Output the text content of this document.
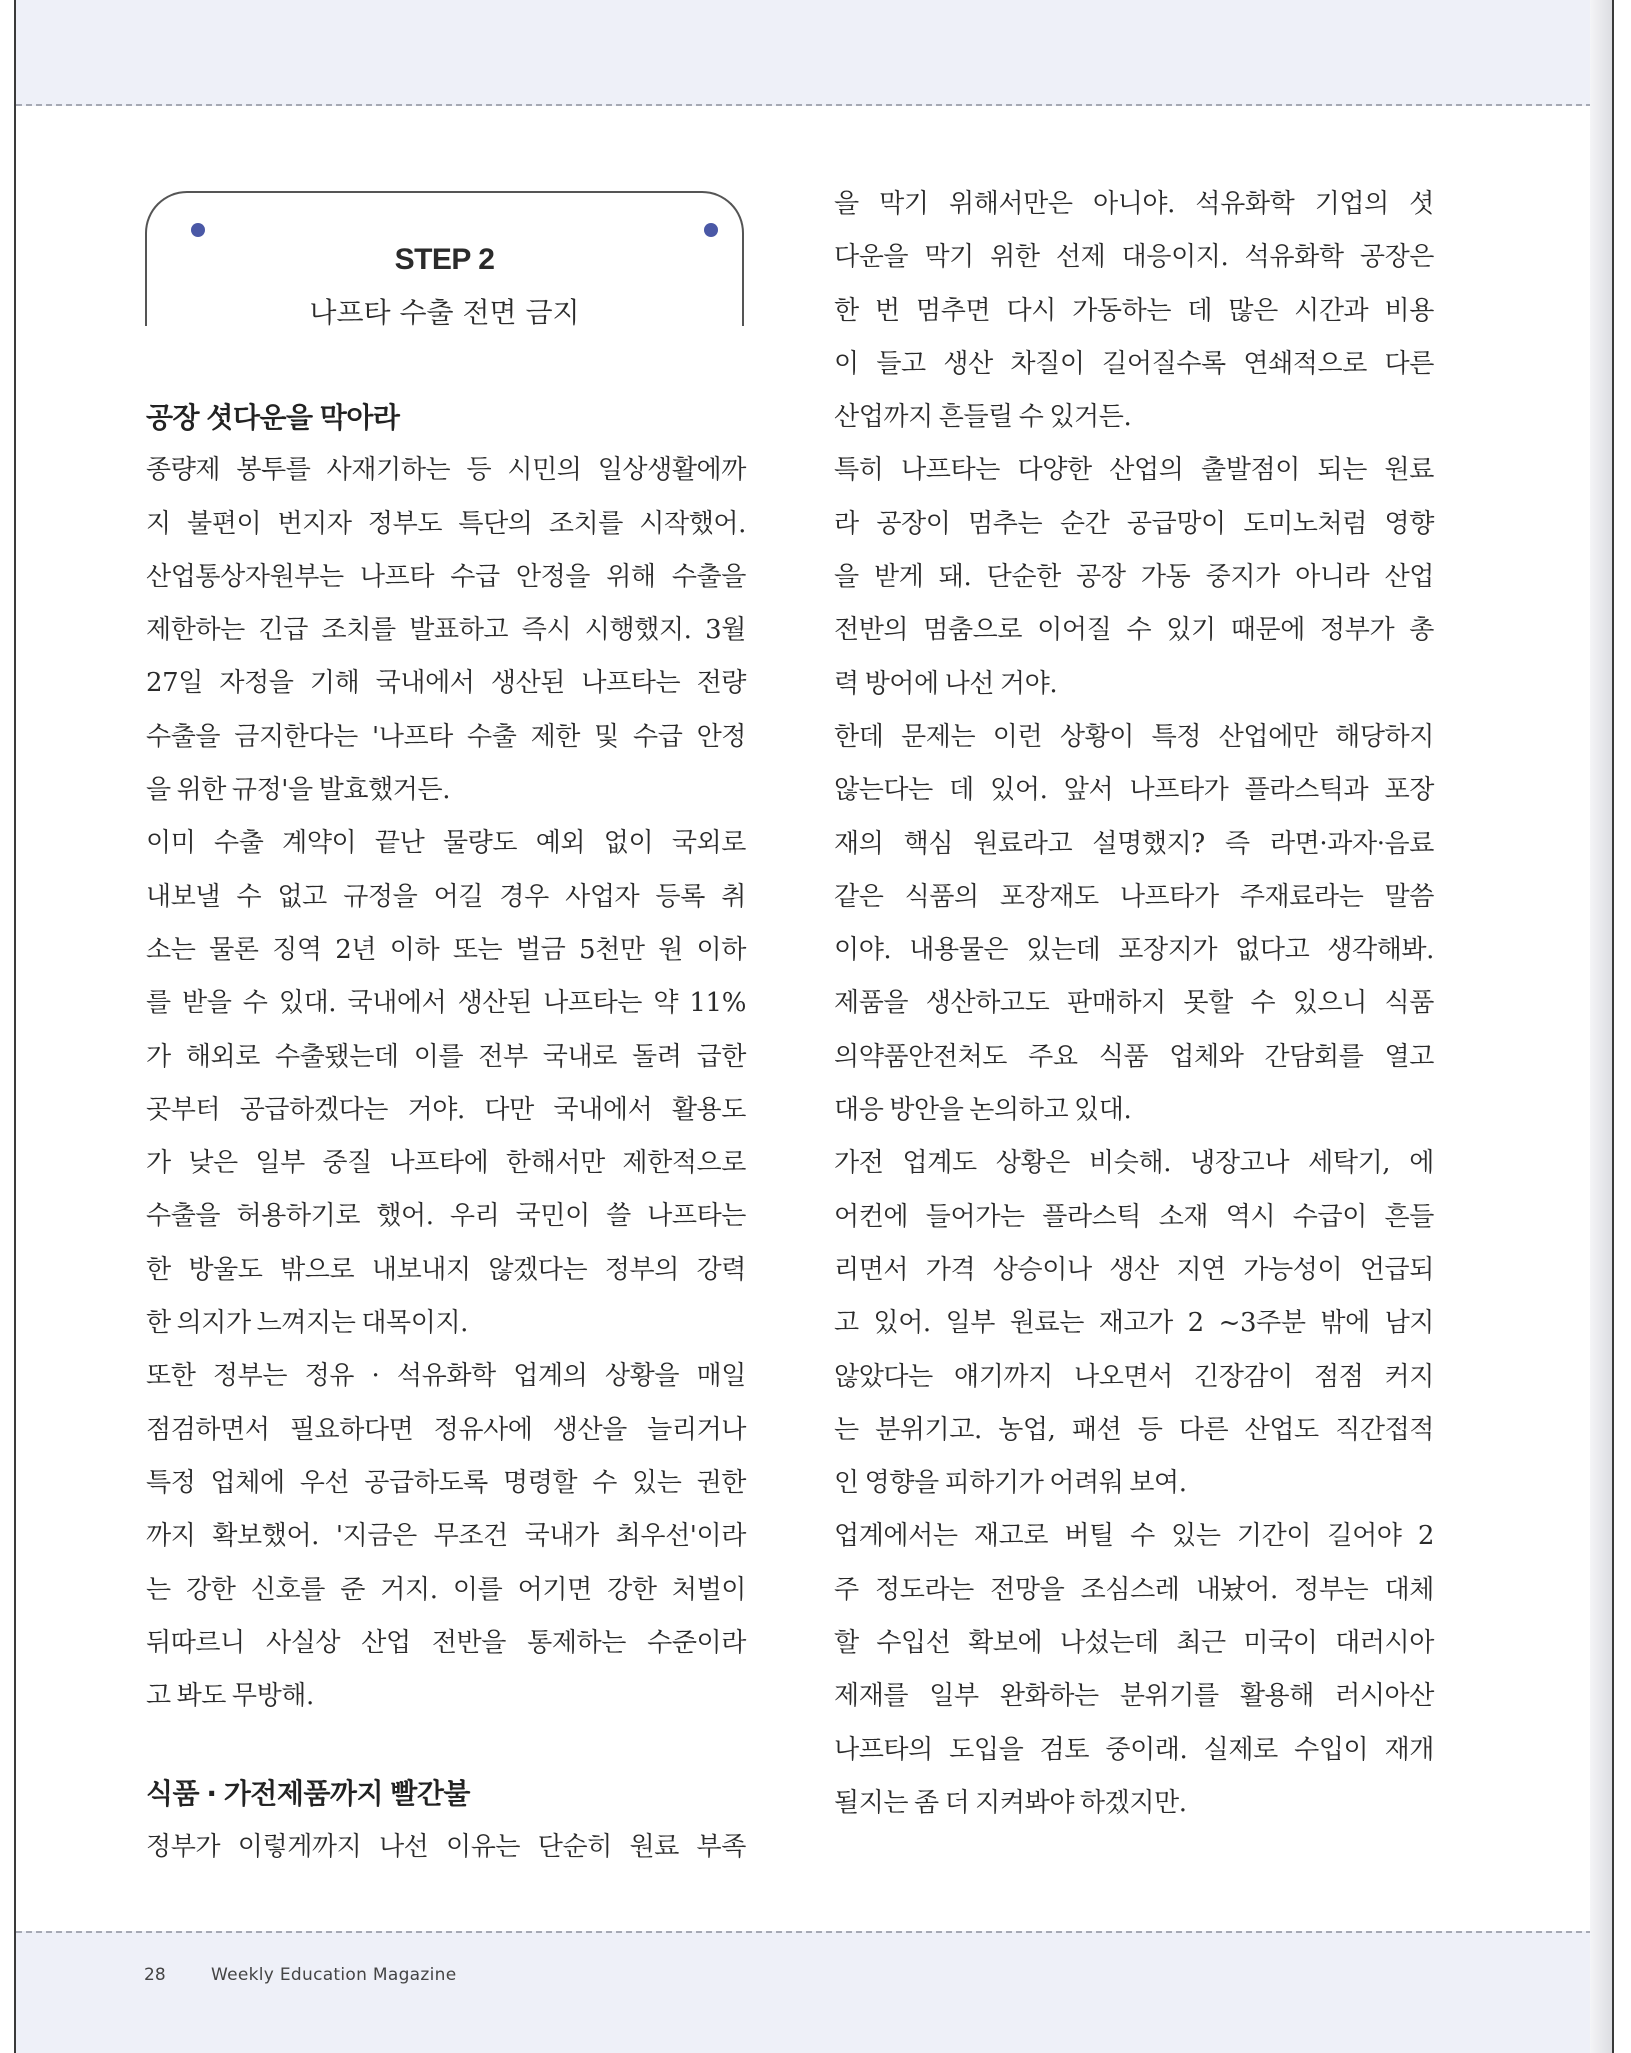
STEP 2
나프타 수출 전면 금지

공장 셧다운을 막아라

종량제 봉투를 사재기하는 등 시민의 일상생활에까

지 불편이 번지자 정부도 특단의 조치를 시작했어.

산업통상자원부는 나프타 수급 안정을 위해 수출을

제한하는 긴급 조치를 발표하고 즉시 시행했지. 3월

27일 자정을 기해 국내에서 생산된 나프타는 전량

수출을 금지한다는 '나프타 수출 제한 및 수급 안정

을 위한 규정'을 발효했거든.

이미 수출 계약이 끝난 물량도 예외 없이 국외로

내보낼 수 없고 규정을 어길 경우 사업자 등록 취

소는 물론 징역 2년 이하 또는 벌금 5천만 원 이하

를 받을 수 있대. 국내에서 생산된 나프타는 약 11%

가 해외로 수출됐는데 이를 전부 국내로 돌려 급한

곳부터 공급하겠다는 거야. 다만 국내에서 활용도

가 낮은 일부 중질 나프타에 한해서만 제한적으로

수출을 허용하기로 했어. 우리 국민이 쓸 나프타는

한 방울도 밖으로 내보내지 않겠다는 정부의 강력

한 의지가 느껴지는 대목이지.

또한 정부는 정유 · 석유화학 업계의 상황을 매일

점검하면서 필요하다면 정유사에 생산을 늘리거나

특정 업체에 우선 공급하도록 명령할 수 있는 권한

까지 확보했어. '지금은 무조건 국내가 최우선'이라

는 강한 신호를 준 거지. 이를 어기면 강한 처벌이

뒤따르니 사실상 산업 전반을 통제하는 수준이라

고 봐도 무방해.

식품 · 가전제품까지 빨간불

정부가 이렇게까지 나선 이유는 단순히 원료 부족

을 막기 위해서만은 아니야. 석유화학 기업의 셧

다운을 막기 위한 선제 대응이지. 석유화학 공장은

한 번 멈추면 다시 가동하는 데 많은 시간과 비용

이 들고 생산 차질이 길어질수록 연쇄적으로 다른

산업까지 흔들릴 수 있거든.

특히 나프타는 다양한 산업의 출발점이 되는 원료

라 공장이 멈추는 순간 공급망이 도미노처럼 영향

을 받게 돼. 단순한 공장 가동 중지가 아니라 산업

전반의 멈춤으로 이어질 수 있기 때문에 정부가 총

력 방어에 나선 거야.

한데 문제는 이런 상황이 특정 산업에만 해당하지

않는다는 데 있어. 앞서 나프타가 플라스틱과 포장

재의 핵심 원료라고 설명했지? 즉 라면·과자·음료

같은 식품의 포장재도 나프타가 주재료라는 말씀

이야. 내용물은 있는데 포장지가 없다고 생각해봐.

제품을 생산하고도 판매하지 못할 수 있으니 식품

의약품안전처도 주요 식품 업체와 간담회를 열고

대응 방안을 논의하고 있대.

가전 업계도 상황은 비슷해. 냉장고나 세탁기, 에

어컨에 들어가는 플라스틱 소재 역시 수급이 흔들

리면서 가격 상승이나 생산 지연 가능성이 언급되

고 있어. 일부 원료는 재고가 2 ~3주분 밖에 남지

않았다는 얘기까지 나오면서 긴장감이 점점 커지

는 분위기고. 농업, 패션 등 다른 산업도 직간접적

인 영향을 피하기가 어려워 보여.

업계에서는 재고로 버틸 수 있는 기간이 길어야 2

주 정도라는 전망을 조심스레 내놨어. 정부는 대체

할 수입선 확보에 나섰는데 최근 미국이 대러시아

제재를 일부 완화하는 분위기를 활용해 러시아산

나프타의 도입을 검토 중이래. 실제로 수입이 재개

될지는 좀 더 지켜봐야 하겠지만.

28	Weekly Education Magazine
